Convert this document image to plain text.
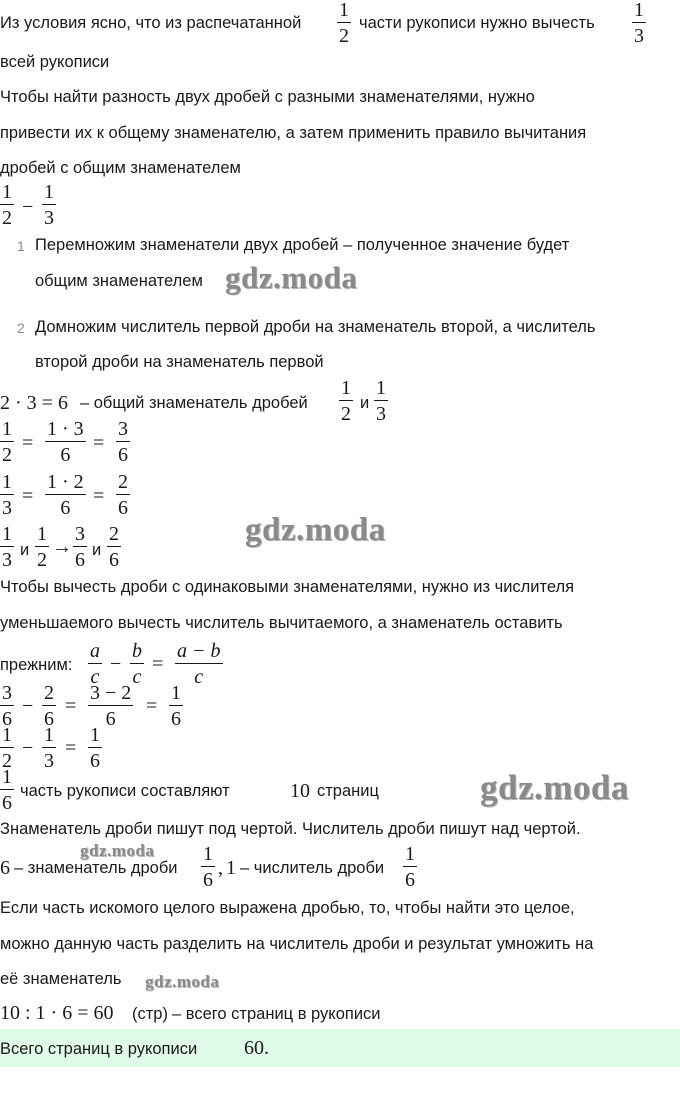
Из условия ясно, что из распечатанной $\frac{1}{2}$ части рукописи нужно вычесть $\frac{1}{3}$
всей рукописи
Чтобы найти разность двух дробей с разными знаменателями, нужно
привести их к общему знаменателю, а затем применить правило вычитания
дробей с общим знаменателем
$\frac{1}{2} - \frac{1}{3}$
1 Перемножим знаменатели двух дробей – полученное значение будет
общим знаменателем gdz.moda
2 Домножим числитель первой дроби на знаменатель второй, а числитель
второй дроби на знаменатель первой
2 · 3 = 6 – общий знаменатель дробей $\frac{1}{2}$ и $\frac{1}{3}$
$\frac{1}{2} = \frac{1 \cdot 3}{6} = \frac{3}{6}$
$\frac{1}{3} = \frac{1 \cdot 2}{6} = \frac{2}{6}$
$\frac{1}{3}$ и $\frac{1}{2} \to \frac{3}{6}$ и $\frac{2}{6}$	gdz.moda
Чтобы вычесть дроби с одинаковыми знаменателями, нужно из числителя
уменьшаемого вычесть числитель вычитаемого, а знаменатель оставить
прежним: $\frac{a}{c} - \frac{b}{c} = \frac{a - b}{c}$
$\frac{3}{6} - \frac{2}{6} = \frac{3 - 2}{6} = \frac{1}{6}$
$\frac{1}{2} - \frac{1}{3} = \frac{1}{6}$
$\frac{1}{6}$ часть рукописи составляют	10 страниц	gdz.moda
Знаменатель дроби пишут под чертой. Числитель дроби пишут над чертой.
gdz.moda
6 – знаменатель дроби $\frac{1}{6}$ , 1 – числитель дроби $\frac{1}{6}$
Если часть искомого целого выражена дробью, то, чтобы найти это целое,
можно данную часть разделить на числитель дроби и результат умножить на
её знаменатель gdz.moda
10 : 1 · 6 = 60 (стр) – всего страниц в рукописи
Всего страниц в рукописи 60.
